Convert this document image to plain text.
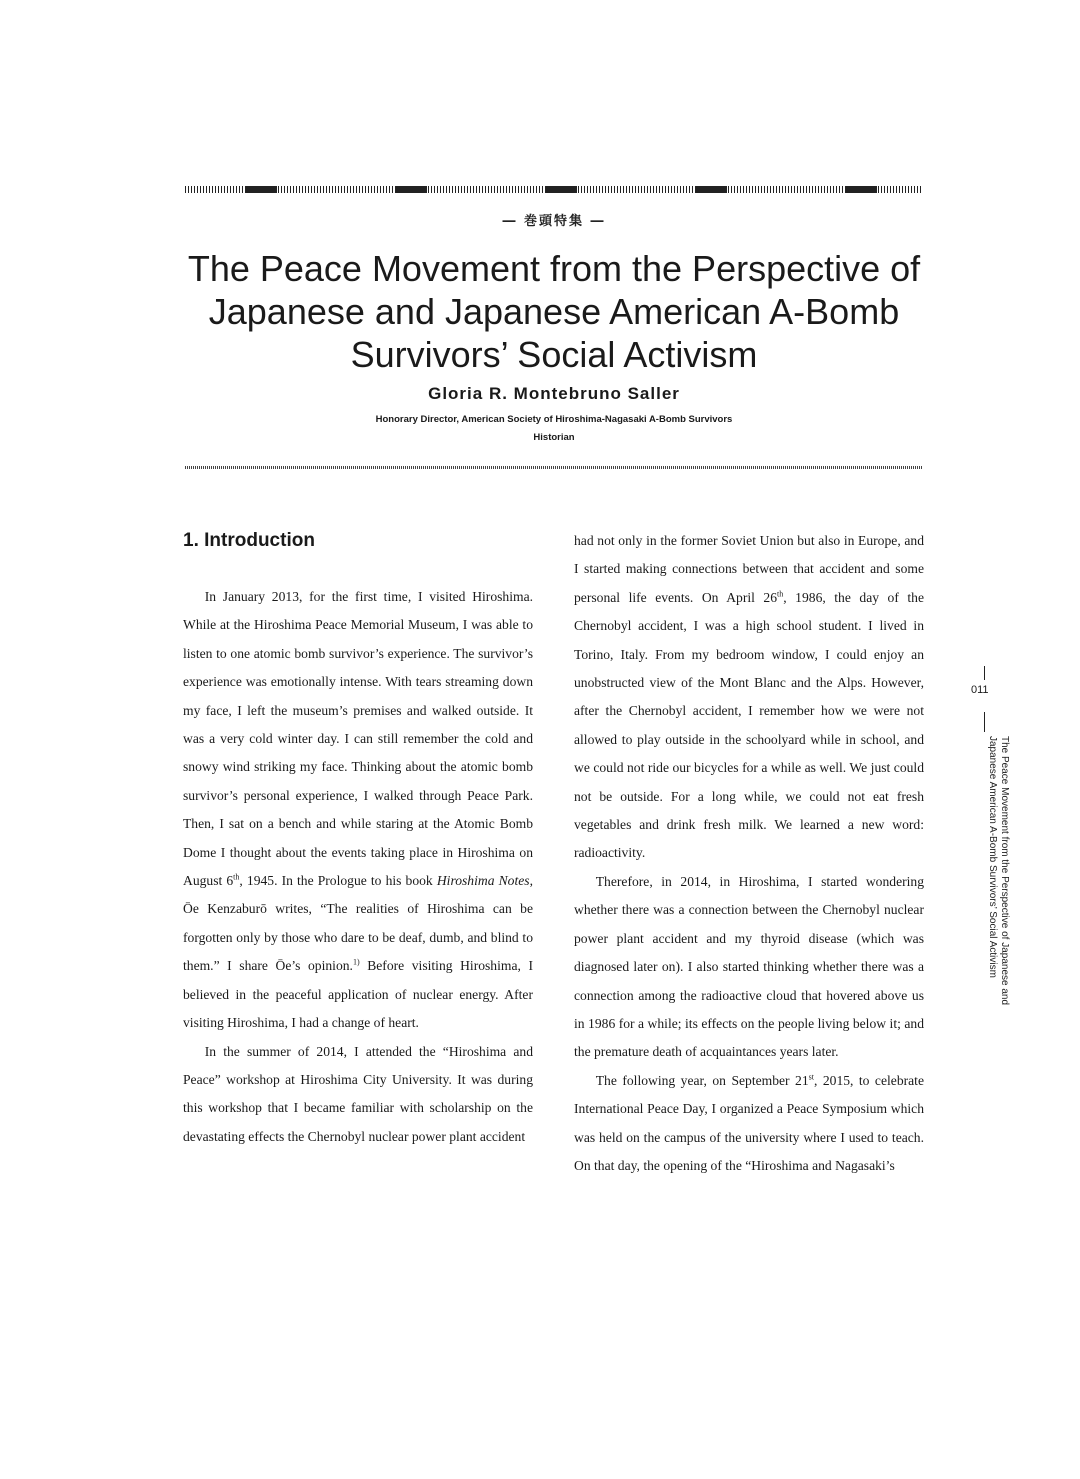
― 巻頭特集 ―
The Peace Movement from the Perspective of Japanese and Japanese American A-Bomb Survivors’ Social Activism
Gloria R. Montebruno Saller
Honorary Director, American Society of Hiroshima-Nagasaki A-Bomb Survivors
Historian
1. Introduction

In January 2013, for the first time, I visited Hiroshima. While at the Hiroshima Peace Memorial Museum, I was able to listen to one atomic bomb survivor’s experience. The survivor’s experience was emotionally intense. With tears streaming down my face, I left the museum’s premises and walked outside. It was a very cold winter day. I can still remember the cold and snowy wind striking my face. Thinking about the atomic bomb survivor’s personal experience, I walked through Peace Park. Then, I sat on a bench and while staring at the Atomic Bomb Dome I thought about the events taking place in Hiroshima on August 6th, 1945. In the Prologue to his book Hiroshima Notes, Ōe Kenzaburō writes, “The realities of Hiroshima can be forgotten only by those who dare to be deaf, dumb, and blind to them.” I share Ōe’s opinion.$^{1)}$ Before visiting Hiroshima, I believed in the peaceful application of nuclear energy. After visiting Hiroshima, I had a change of heart.

In the summer of 2014, I attended the “Hiroshima and Peace” workshop at Hiroshima City University. It was during this workshop that I became familiar with scholarship on the devastating effects the Chernobyl nuclear power plant accident

had not only in the former Soviet Union but also in Europe, and I started making connections between that accident and some personal life events. On April 26th, 1986, the day of the Chernobyl accident, I was a high school student. I lived in Torino, Italy. From my bedroom window, I could enjoy an unobstructed view of the Mont Blanc and the Alps. However, after the Chernobyl accident, I remember how we were not allowed to play outside in the schoolyard while in school, and we could not ride our bicycles for a while as well. We just could not be outside. For a long while, we could not eat fresh vegetables and drink fresh milk. We learned a new word: radioactivity.

Therefore, in 2014, in Hiroshima, I started wondering whether there was a connection between the Chernobyl nuclear power plant accident and my thyroid disease (which was diagnosed later on). I also started thinking whether there was a connection among the radioactive cloud that hovered above us in 1986 for a while; its effects on the people living below it; and the premature death of acquaintances years later.

The following year, on September 21st, 2015, to celebrate International Peace Day, I organized a Peace Symposium which was held on the campus of the university where I used to teach. On that day, the opening of the “Hiroshima and Nagasaki’s

011
The Peace Movement from the Perspective of Japanese and
Japanese American A-Bomb Survivors’ Social Activism
